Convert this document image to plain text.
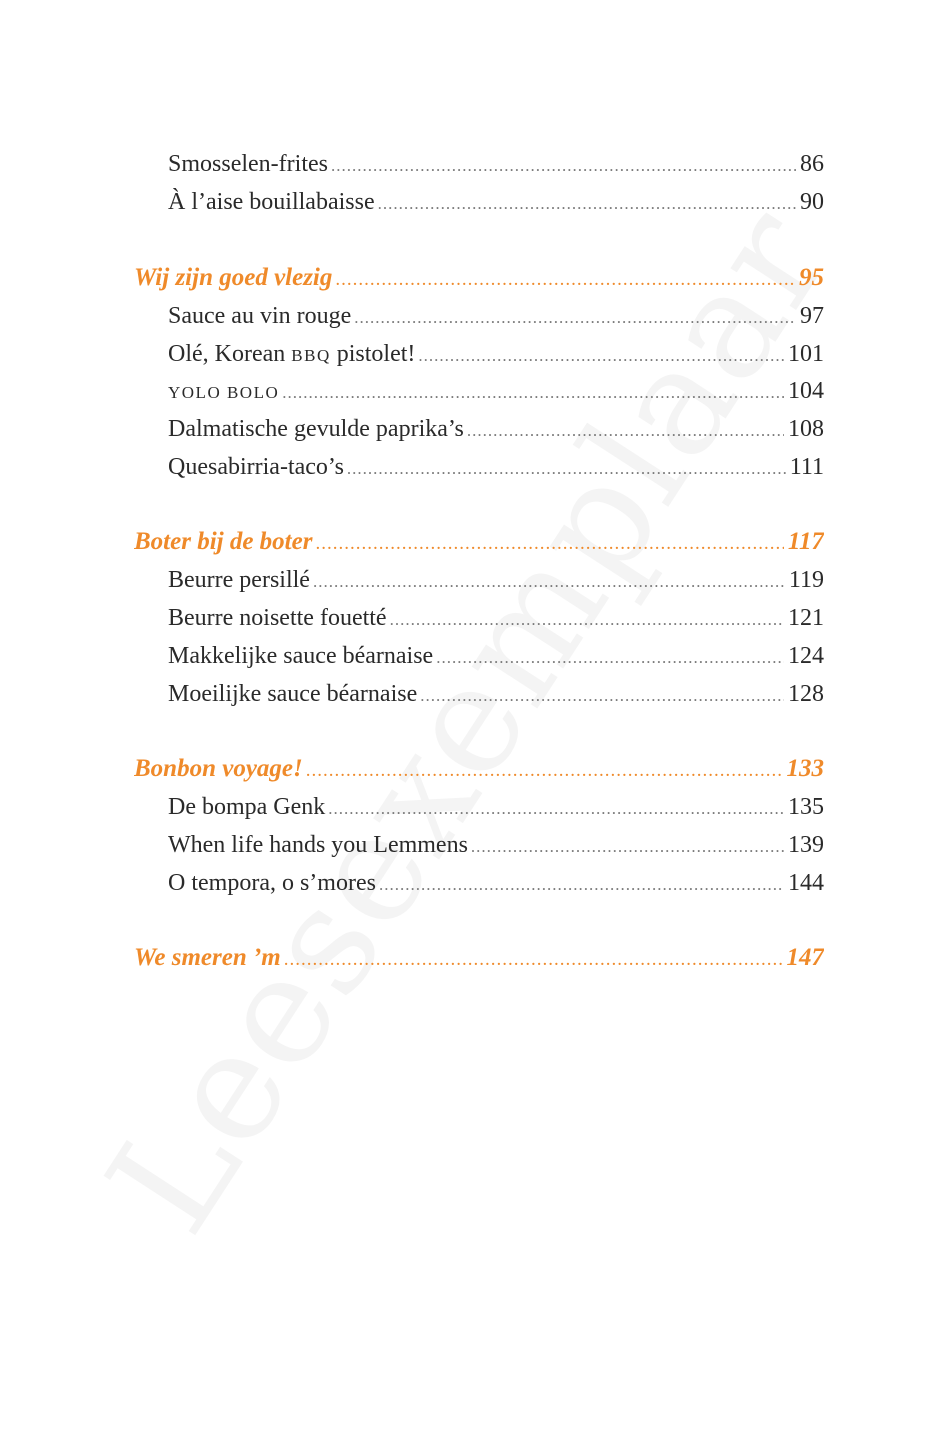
Smosselen-frites .....	86
À l’aise bouillabaisse .....	90
Wij zijn goed vlezig .....	95
Sauce au vin rouge .....	97
Olé, Korean BBQ pistolet! .....	101
YOLO BOLO .....	104
Dalmatische gevulde paprika’s .....	108
Quesabirria-taco’s .....	111
Boter bij de boter .....	117
Beurre persillé .....	119
Beurre noisette fouetté .....	121
Makkelijke sauce béarnaise .....	124
Moeilijke sauce béarnaise .....	128
Bonbon voyage! .....	133
De bompa Genk .....	135
When life hands you Lemmens .....	139
O tempora, o s’mores .....	144
We smeren ’m .....	147
